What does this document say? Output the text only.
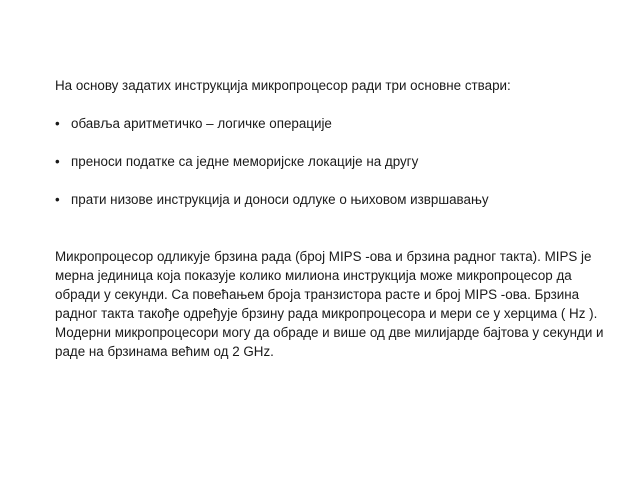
На основу задатих инструкција микропроцесор ради три основне ствари:

• обавља аритметичко – логичке операције
• преноси податке са једне меморијске локације на другу
• прати низове инструкција и доноси одлуке о њиховом извршавању

Микропроцесор одликује брзина рада (број MIPS -ова и брзина радног такта). MIPS је мерна јединица која показује колико милиона инструкција може микропроцесор да обради у секунди. Са повећањем броја транзистора расте и број MIPS -ова. Брзина радног такта такође одређује брзину рада микропроцесора и мери се у херцима ( Hz ). Модерни микропроцесори могу да обраде и више од две милијарде бајтова у секунди и раде на брзинама већим од 2 GHz.
